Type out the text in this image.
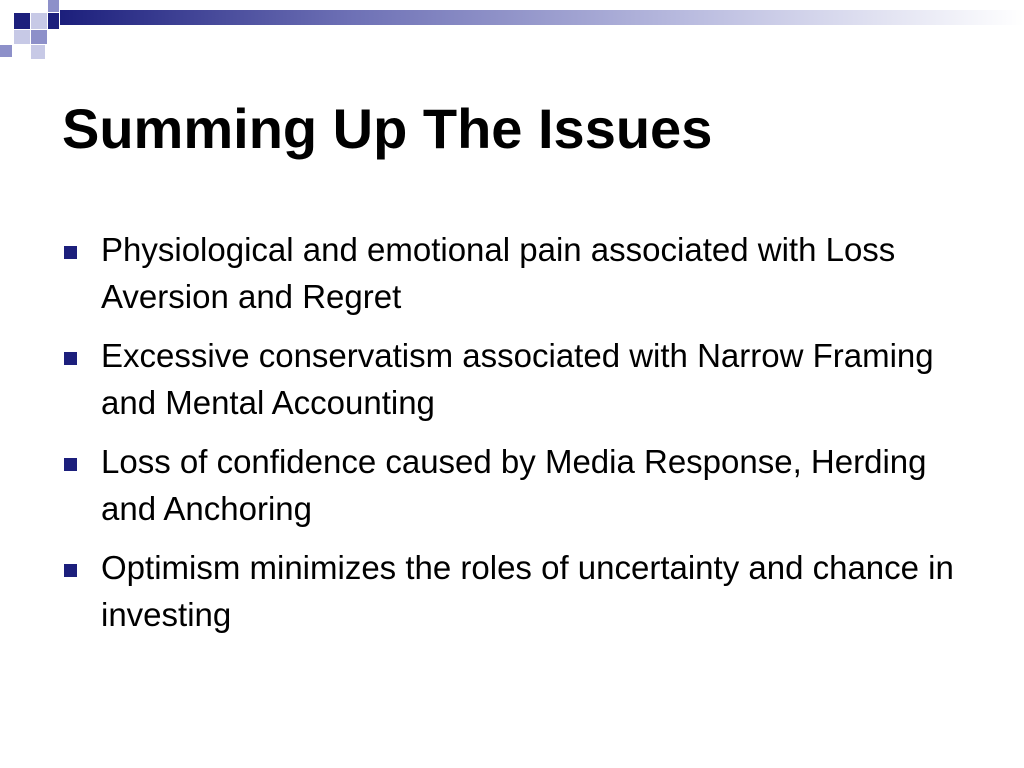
Summing Up The Issues
Physiological and emotional pain associated with Loss Aversion and Regret
Excessive conservatism associated with Narrow Framing and Mental Accounting
Loss of confidence caused by Media Response, Herding and Anchoring
Optimism minimizes the roles of uncertainty and chance in investing
